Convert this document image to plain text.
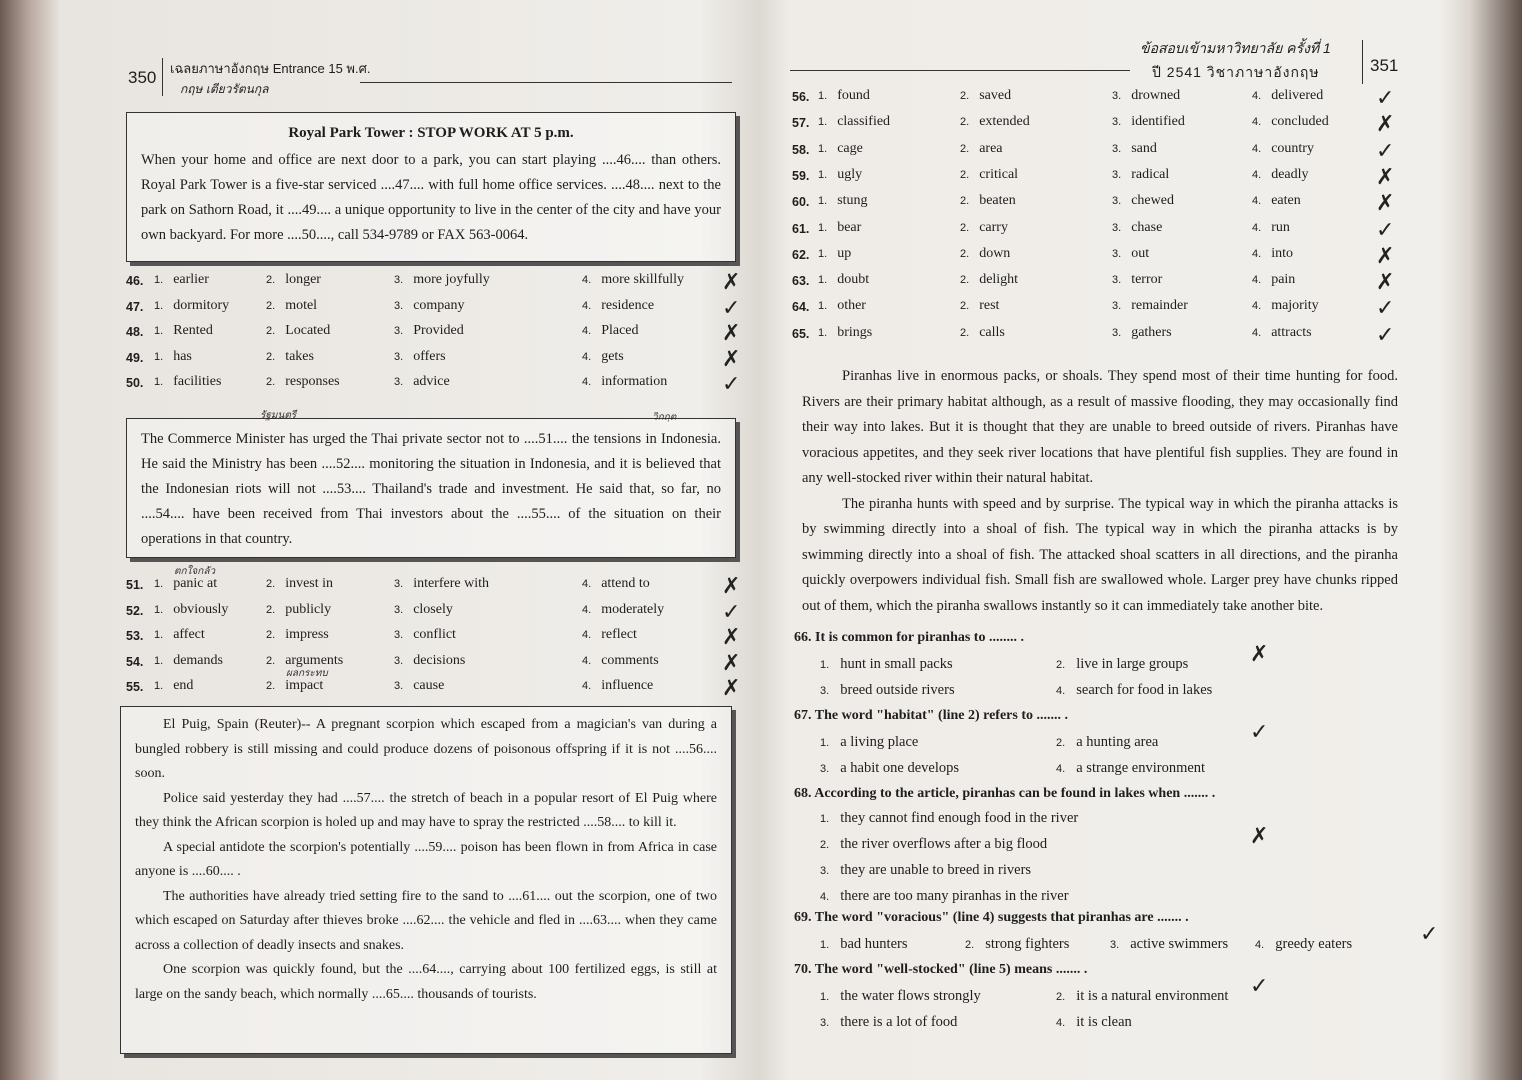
350 เฉลยภาษาอังกฤษ Entrance 15 พ.ศ.
กฤษ เตียวรัตนกุล

Royal Park Tower : STOP WORK AT 5 p.m.

When your home and office are next door to a park, you can start playing ....46.... than others. Royal Park Tower is a five-star serviced ....47.... with full home office services. ....48.... next to the park on Sathorn Road, it ....49.... a unique opportunity to live in the center of the city and have your own backyard. For more ....50...., call 534-9789 or FAX 563-0064.

46. 1. earlier	2. longer	3. more joyfully	4. more skillfully ✗
47. 1. dormitory	2. motel	3. company	4. residence	✓
48. 1. Rented	2. Located	3. Provided	4. Placed	✗
49. 1. has	2. takes	3. offers	4. gets	✗
50. 1. facilities	2. responses	3. advice	4. information ✓
รัฐมนตรี	วิกฤต

The Commerce Minister has urged the Thai private sector not to ....51.... the tensions in Indonesia. He said the Ministry has been ....52.... monitoring the situation in Indonesia, and it is believed that the Indonesian riots will not ....53.... Thailand's trade and investment. He said that, so far, no ....54.... have been received from Thai investors about the ....55.... of the situation on their operations in that country.

51. 1. panic at	2. invest in	3. interfere with	4. attend to	✗
ตกใจกลัว
52. 1. obviously	2. publicly	3. closely	4. moderately	✓
53. 1. affect	2. impress	3. conflict	4. reflect	✗
54. 1. demands	2. arguments	3. decisions	4. comments	✗
55. 1. end	2. impact	3. cause	4. influence	✗
ผลกระทบ

El Puig, Spain (Reuter)-- A pregnant scorpion which escaped from a magician's van during a bungled robbery is still missing and could produce dozens of poisonous offspring if it is not ....56.... soon.

Police said yesterday they had ....57.... the stretch of beach in a popular resort of El Puig where they think the African scorpion is holed up and may have to spray the restricted ....58.... to kill it.

A special antidote the scorpion's potentially ....59.... poison has been flown in from Africa in case anyone is ....60.... .

The authorities have already tried setting fire to the sand to ....61.... out the scorpion, one of two which escaped on Saturday after thieves broke ....62.... the vehicle and fled in ....63.... when they came across a collection of deadly insects and snakes.

One scorpion was quickly found, but the ....64...., carrying about 100 fertilized eggs, is still at large on the sandy beach, which normally ....65.... thousands of tourists.

ข้อสอบเข้ามหาวิทยาลัย ครั้งที่ 1
ปี 2541 วิชาภาษาอังกฤษ	351
56. 1. found	2. saved	3. drowned	4. delivered ✓
57. 1. classified	2. extended	3. identified	4. concluded ✗
58. 1. cage	2. area	3. sand	4. country	✓
59. 1. ugly	2. critical	3. radical	4. deadly	✗
60. 1. stung	2. beaten	3. chewed	4. eaten	✗
61. 1. bear	2. carry	3. chase	4. run	✓
62. 1. up	2. down	3. out	4. into	✗
63. 1. doubt	2. delight	3. terror	4. pain	✗
64. 1. other	2. rest	3. remainder	4. majority	✓
65. 1. brings	2. calls	3. gathers	4. attracts	✓

Piranhas live in enormous packs, or shoals. They spend most of their time hunting for food. Rivers are their primary habitat although, as a result of massive flooding, they may occasionally find their way into lakes. But it is thought that they are unable to breed outside of rivers. Piranhas have voracious appetites, and they seek river locations that have plentiful fish supplies. They are found in any well-stocked river within their natural habitat.

The piranha hunts with speed and by surprise. The typical way in which the piranha attacks is by swimming directly into a shoal of fish. The typical way in which the piranha attacks is by swimming directly into a shoal of fish. The attacked shoal scatters in all directions, and the piranha quickly overpowers individual fish. Small fish are swallowed whole. Larger prey have chunks ripped out of them, which the piranha swallows instantly so it can immediately take another bite.

66. It is common for piranhas to ........ .
1. hunt in small packs	2. live in large groups
3. breed outside rivers	4. search for food in lakes
✗
67. The word "habitat" (line 2) refers to ....... .
1. a living place	2. a hunting area
3. a habit one develops	4. a strange environment
✓
68. According to the article, piranhas can be found in lakes when ....... .
1. they cannot find enough food in the river
2. the river overflows after a big flood
3. they are unable to breed in rivers
4. there are too many piranhas in the river
✗
69. The word "voracious" (line 4) suggests that piranhas are ....... .
1. bad hunters	2. strong fighters	3. active swimmers 4. greedy eaters	✓
70. The word "well-stocked" (line 5) means ....... .
1. the water flows strongly	2. it is a natural environment
3. there is a lot of food	4. it is clean
✓
